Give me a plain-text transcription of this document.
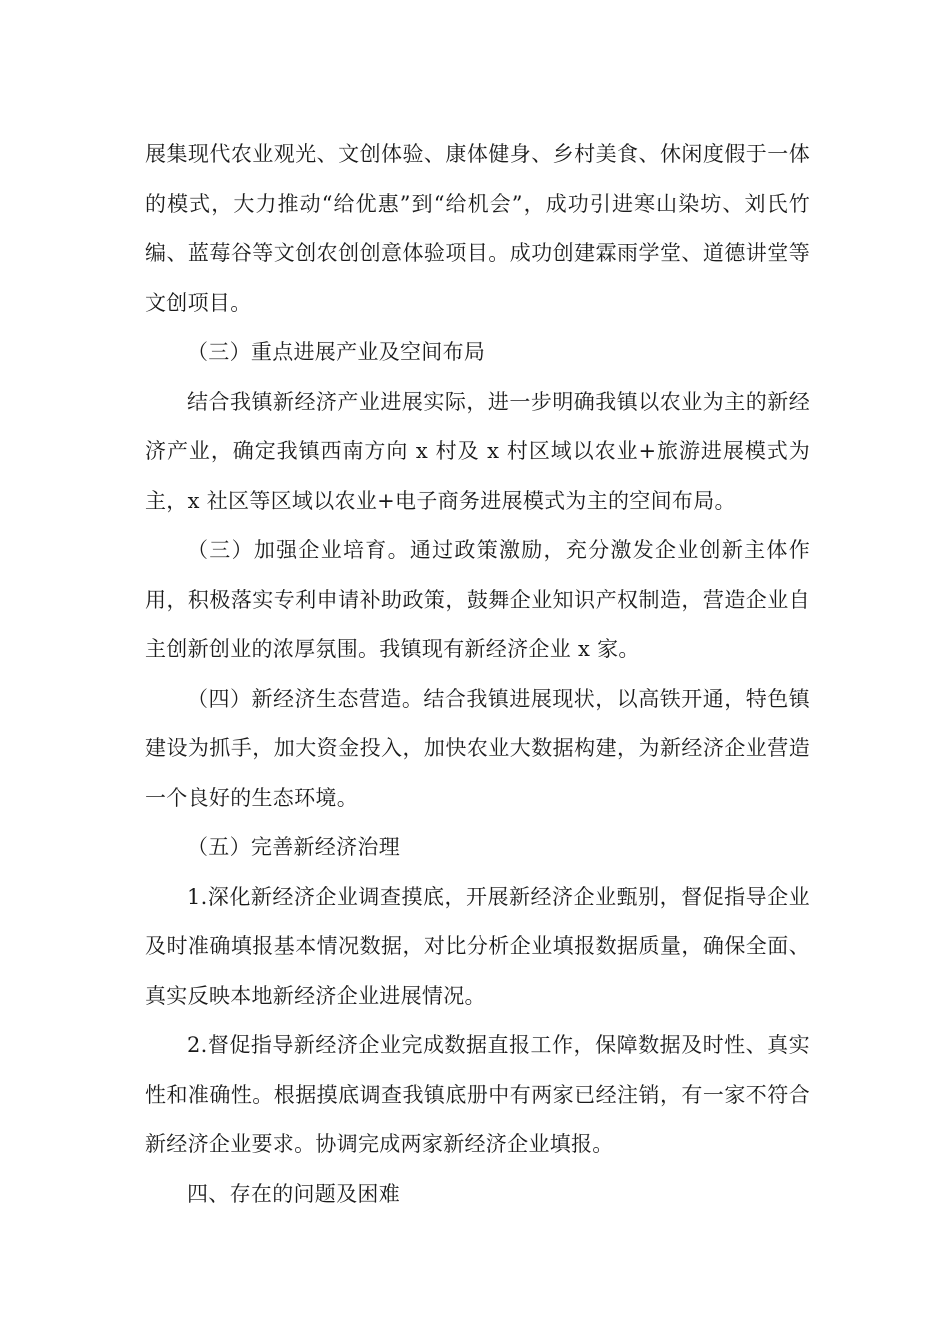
展集现代农业观光、文创体验、康体健身、乡村美食、休闲度假于一体的模式，大力推动“给优惠”到“给机会”，成功引进寒山染坊、刘氏竹编、蓝莓谷等文创农创创意体验项目。成功创建霖雨学堂、道德讲堂等文创项目。

（三）重点进展产业及空间布局

结合我镇新经济产业进展实际，进一步明确我镇以农业为主的新经济产业，确定我镇西南方向 x 村及 x 村区域以农业+旅游进展模式为主，x 社区等区域以农业+电子商务进展模式为主的空间布局。

（三）加强企业培育。通过政策激励，充分激发企业创新主体作用，积极落实专利申请补助政策，鼓舞企业知识产权制造，营造企业自主创新创业的浓厚氛围。我镇现有新经济企业 x 家。

（四）新经济生态营造。结合我镇进展现状，以高铁开通，特色镇建设为抓手，加大资金投入，加快农业大数据构建，为新经济企业营造一个良好的生态环境。

（五）完善新经济治理

1.深化新经济企业调查摸底，开展新经济企业甄别，督促指导企业及时准确填报基本情况数据，对比分析企业填报数据质量，确保全面、真实反映本地新经济企业进展情况。

2.督促指导新经济企业完成数据直报工作，保障数据及时性、真实性和准确性。根据摸底调查我镇底册中有两家已经注销，有一家不符合新经济企业要求。协调完成两家新经济企业填报。

四、存在的问题及困难
